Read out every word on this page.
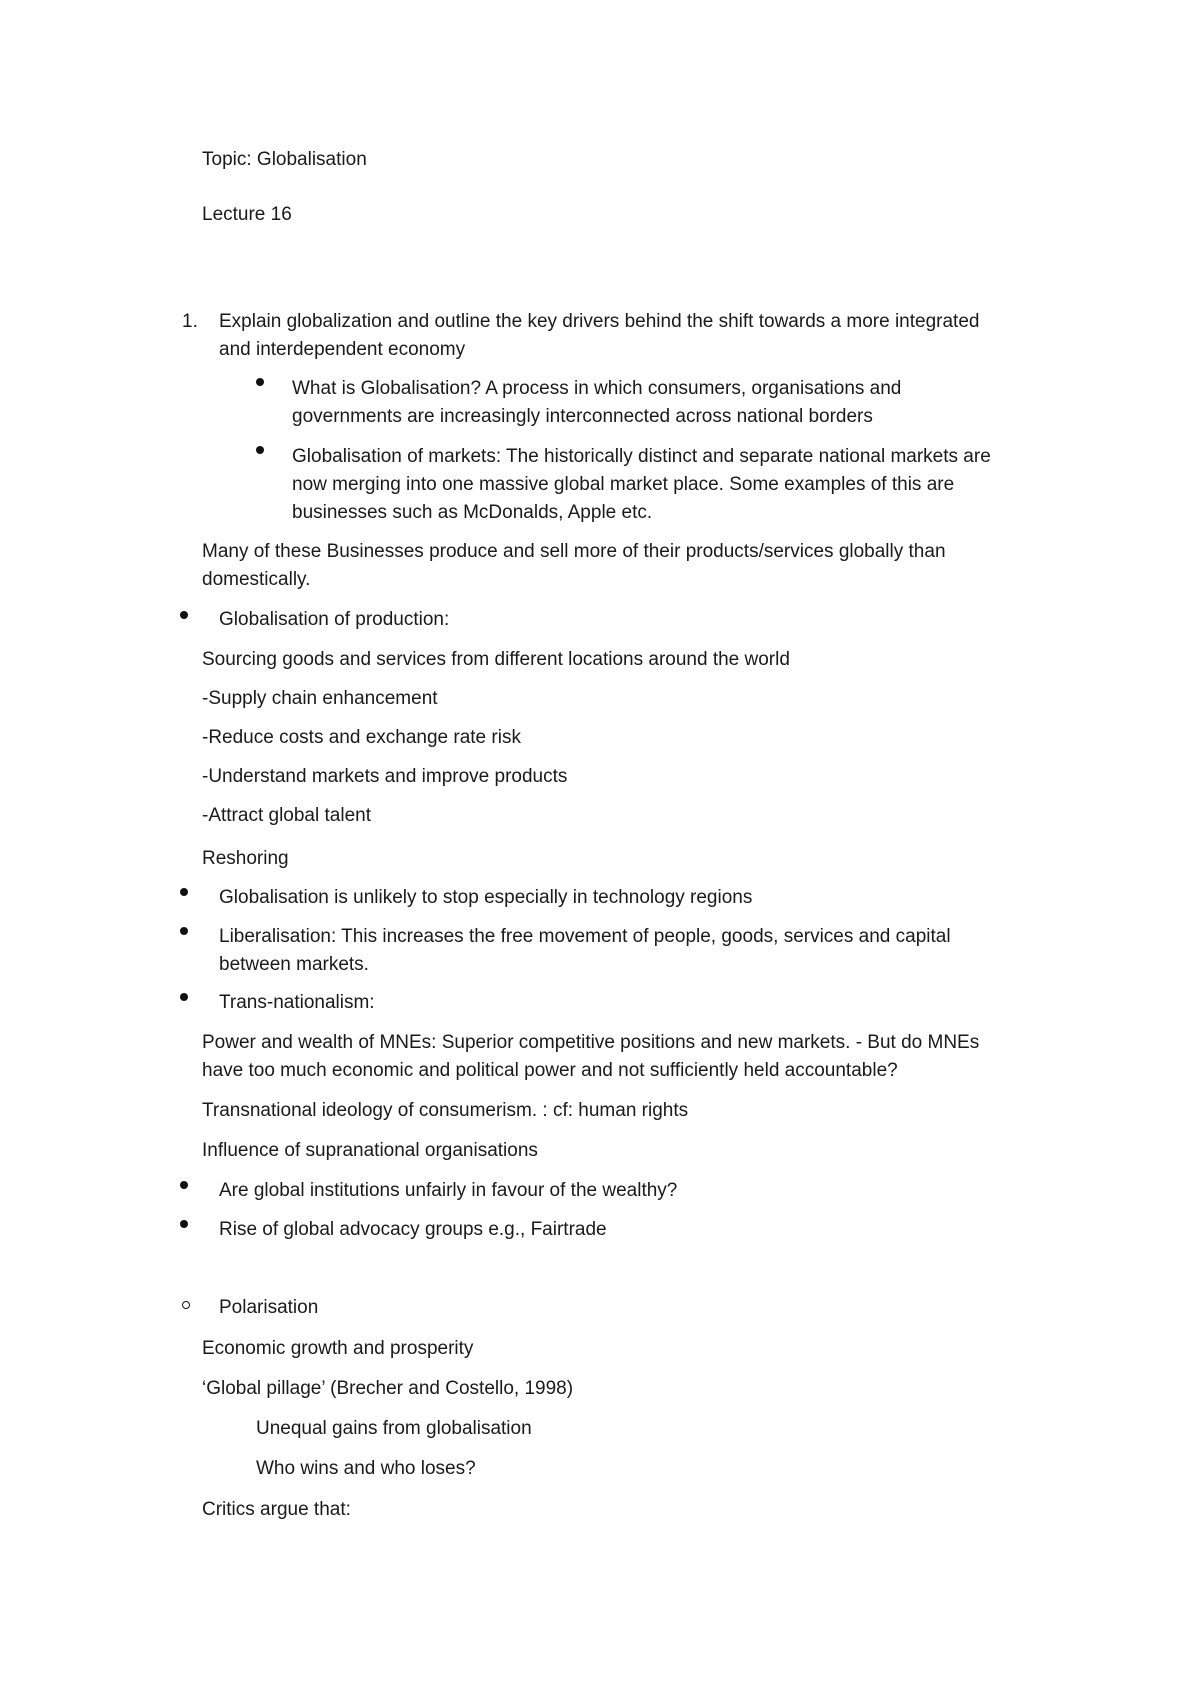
Topic: Globalisation
Lecture 16
1. Explain globalization and outline the key drivers behind the shift towards a more integrated
and interdependent economy
What is Globalisation? A process in which consumers, organisations and
governments are increasingly interconnected across national borders
Globalisation of markets: The historically distinct and separate national markets are
now merging into one massive global market place. Some examples of this are
businesses such as McDonalds, Apple etc.
Many of these Businesses produce and sell more of their products/services globally than
domestically.
Globalisation of production:
Sourcing goods and services from different locations around the world
-Supply chain enhancement
-Reduce costs and exchange rate risk
-Understand markets and improve products
-Attract global talent
Reshoring
Globalisation is unlikely to stop especially in technology regions
Liberalisation: This increases the free movement of people, goods, services and capital
between markets.
Trans-nationalism:
Power and wealth of MNEs: Superior competitive positions and new markets. - But do MNEs
have too much economic and political power and not sufficiently held accountable?
Transnational ideology of consumerism. : cf: human rights
Influence of supranational organisations
Are global institutions unfairly in favour of the wealthy?
Rise of global advocacy groups e.g., Fairtrade
Polarisation
Economic growth and prosperity
‘Global pillage’ (Brecher and Costello, 1998)
Unequal gains from globalisation
Who wins and who loses?
Critics argue that:
